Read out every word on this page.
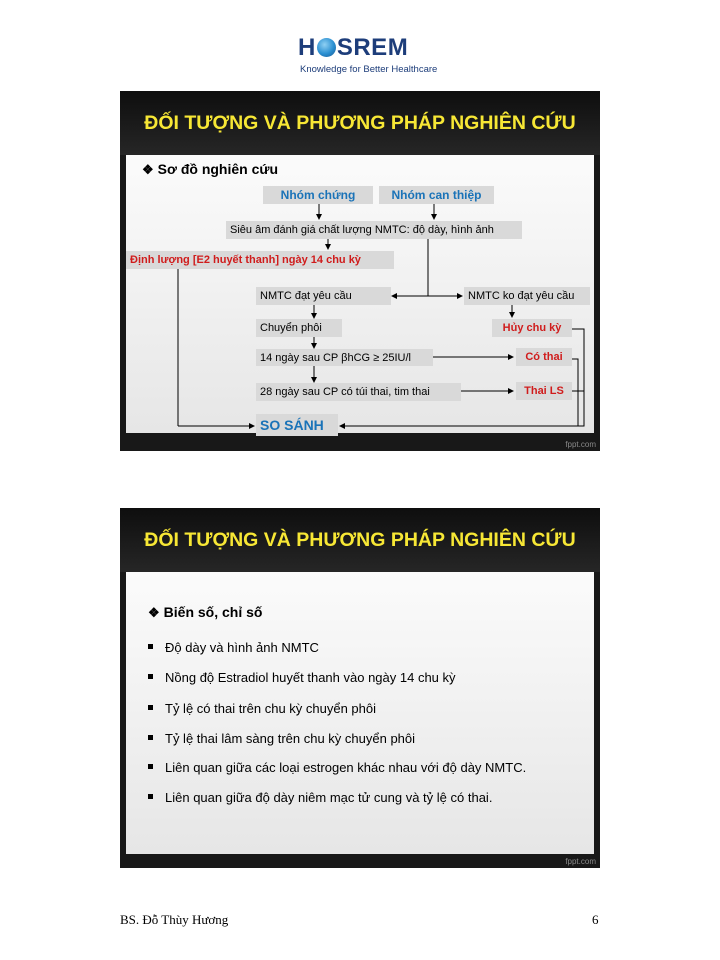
H SREM
Knowledge for Better Healthcare
ĐỐI TƯỢNG VÀ PHƯƠNG PHÁP NGHIÊN CỨU
❖ Sơ đồ nghiên cứu
Nhóm chứng	Nhóm can thiệp
Siêu âm đánh giá chất lượng NMTC: độ dày, hình ảnh
Định lượng [E2 huyết thanh] ngày 14 chu kỳ
NMTC đạt yêu cầu	NMTC ko đạt yêu cầu
Chuyển phôi	Hủy chu kỳ
14 ngày sau CP βhCG ≥ 25IU/l	Có thai
28 ngày sau CP có túi thai, tim thai	Thai LS
SO SÁNH
fppt.com
ĐỐI TƯỢNG VÀ PHƯƠNG PHÁP NGHIÊN CỨU
❖ Biến số, chỉ số
Độ dày và hình ảnh NMTC
Nồng độ Estradiol huyết thanh vào ngày 14 chu kỳ
Tỷ lệ có thai trên chu kỳ chuyển phôi
Tỷ lệ thai lâm sàng trên chu kỳ chuyển phôi
Liên quan giữa các loại estrogen khác nhau với độ dày NMTC.
Liên quan giữa độ dày niêm mạc tử cung và tỷ lệ có thai.
fppt.com
BS. Đỗ Thùy Hương	6
